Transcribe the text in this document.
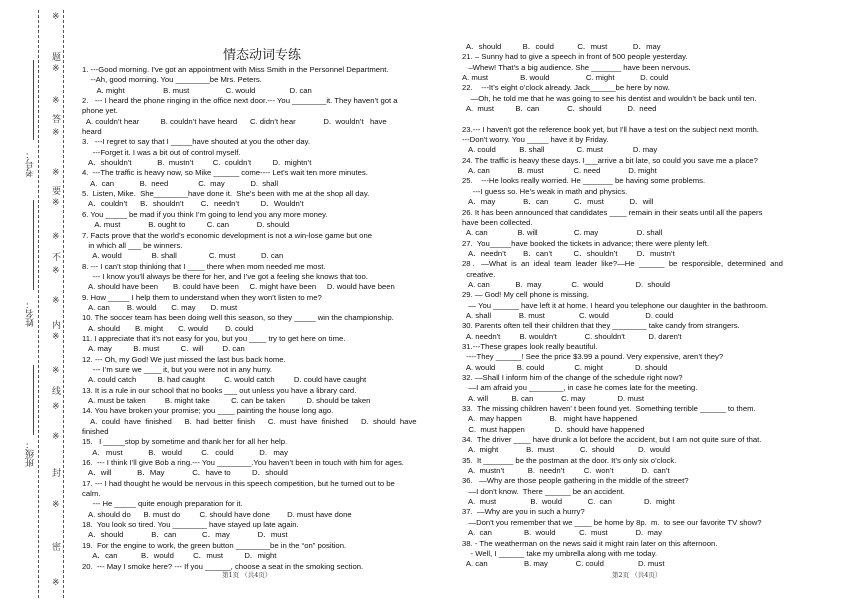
※
※
※
※
※
※
※
※
※
※
※
※
※
※
※
题
答
要
不
内
线
封
密
考号：
姓名：
班级：
情态动词专练
1. ---Good morning. I've got an appointment with Miss Smith in the Personnel Department.
--Ah, good morning. You ________be Mrs. Peters.
A. might                  B. must                 C. would                D. can
2.   --- I heard the phone ringing in the office next door.--- You ________it. They haven’t got a
phone yet.
A. couldn’t hear          B. couldn’t have heard      C. didn’t hear             D.  wouldn’t   have
heard
3.   ---I regret to say that I _____have shouted at you the other day.
---Forget it. I was a bit out of control myself.
A．shouldn’t            B.  mustn’t         C.  couldn’t          D.  mightn’t
4.  ---The traffic is heavy now, so Mike ______ come---- Let's wait ten more minutes.
A.  can            B.  need              C.  may            D.  shall
5.  Listen, Mike.  She________have done it.  She's been with me at the shop all day.
A．couldn’t      B．shouldn’t        C．needn’t          D．Wouldn’t
6. You _____ be mad if you think I’m going to lend you any more money.
A. must             B. ought to          C. can             D. should
7. Facts prove that the world’s economic development is not a win-lose game but one
in which all ___ be winners.
A. would              B. shall               C. must            D. can
8. --- I can’t stop thinking that I ____ there when mom needed me most.
--- I know you’ll always be there for her, and I’ve got a feeling she knows that too.
A. should have been       B. could have been     C. might have been     D. would have been
9. How _____ I help them to understand when they won’t listen to me?
A. can        B. would       C. may       D. must
10. The soccer team has been doing well this season, so they _____ win the championship.
A. should       B. might       C. would        D. could
11. I appreciate that it’s not easy for you, but you ____ try to get here on time.
A. may          B. must          C.  will         D. can
12. --- Oh, my God! We just missed the last bus back home.
--- I’m sure we ____ it, but you were not in any hurry.
A. could catch          B. had caught         C. would catch         D. could have caught
13. It is a rule in our school that no books ___ out unless you have a library card.
A. must be taken         B. might take          C. can be taken          D. should be taken
14. You have broken your promise; you ____ painting the house long ago.
A.  could  have  finished      B.  had  better  finish      C.  must  have  finished      D.  should  have
finished
15.   I _____stop by sometime and thank her for all her help.
A.   must            B.   would         C.   could            D.   may
16.  --- I think I’ll give Bob a ring.--- You ________.You haven’t been in touch with him for ages.
A．will            B．May             C．have to          D．should
17. --- I had thought he would be nervous in this speech competition, but he turned out to be
calm.
--- He _____ quite enough preparation for it.
A. should do      B. must do         C. should have done        D. must have done
18.  You look so tired. You ________ have stayed up late again.
A．should             B．can            C．may             D．must
19.  For the engine to work, the green button ________be in the “on” position.
A．can           B．would         C．must          D．might
20.  --- May I smoke here? --- If you ______, choose a seat in the smoking section.
A．should          B．could           C．must            D．may
21. – Sunny had to give a speech in front of 500 people yesterday.
–Whew! That’s a big audience. She _______ have been nervous.
A. must               B. would                 C. might            D. could
22.    ---It’s eight o’clock already. Jack______be here by now.
—Oh, he told me that he was going to see his dentist and wouldn’t be back until ten.
A.  must          B.  can             C.  should            D.  need
23.--- I haven't got the reference book yet, but I'll have a test on the subject next month.
---Don't worry. You _____ have it by Friday.
A. could           B. shall               C. must              D. may
24. The traffic is heavy these days. I___arrive a bit late, so could you save me a place?
A. can             B. must              C. need             D. might
25.    ---He looks really worried. He _______ be having some problems.
---I guess so. He’s weak in math and physics.
A．may             B．can            C．must            D．will
26. It has been announced that candidates ____ remain in their seats until all the papers
have been collected.
A. can              B. will                 C. may                  D. shall
27.  You_____have booked the tickets in advance; there were plenty left.
A．needn’t        B．can’t          C．shouldn’t         D．mustn’t
28 .   —What  is  an  ideal  team  leader  like?—He  ______  be  responsible,  determined  and
creative.
A. can            B.  may              C.  would               D.  should
29. — God! My cell phone is missing.
— You ______ have left it at home. I heard you telephone our daughter in the bathroom.
A. shall             B. must                C. would                 D. could
30. Parents often tell their children that they ________ take candy from strangers.
A. needn't         B. wouldn't             C. shouldn't           D. daren't
31.---These grapes look really beautiful.
----They ______! See the price $3.99 a pound. Very expensive, aren’t they?
A. would          B. could              C. might               D. should
32. —Shall I inform him of the change of the schedule right now?
—I am afraid you ________, in case he comes late for the meeting.
A. will           B. can             C. may               D. must
33.  The missing children haven' t been found yet.  Something terrible ______ to them.
A.  may happen             B.   might have happened
C.  must happen              D.  should have happened
34.  The driver ____ have drunk a lot before the accident, but I am not quite sure of that.
A.  might             B.  must            C.  should           D.  would
35.  It _______ be the postman at the door. It’s only six o’clock.
A.  mustn’t           B.  needn’t         C.  won’t             D.  can’t
36.   —Why are those people gathering in the middle of the street?
—I don't know.  There ______ be an accident.
A.  must                B.  would            C.  can               D.  might
37.  —Why are you in such a hurry?
—Don't you remember that we ____ be home by 8p.  m.  to see our favorite TV show?
A.  can               B.  would           C.  must             D.  may
38. - The weatherman on the news said it might rain later on this afternoon.
- Well, I ______ take my umbrella along with me today.
A. can                 B. may             C. could                D. must
第1页 （共4页）	第2页 （共4页）
